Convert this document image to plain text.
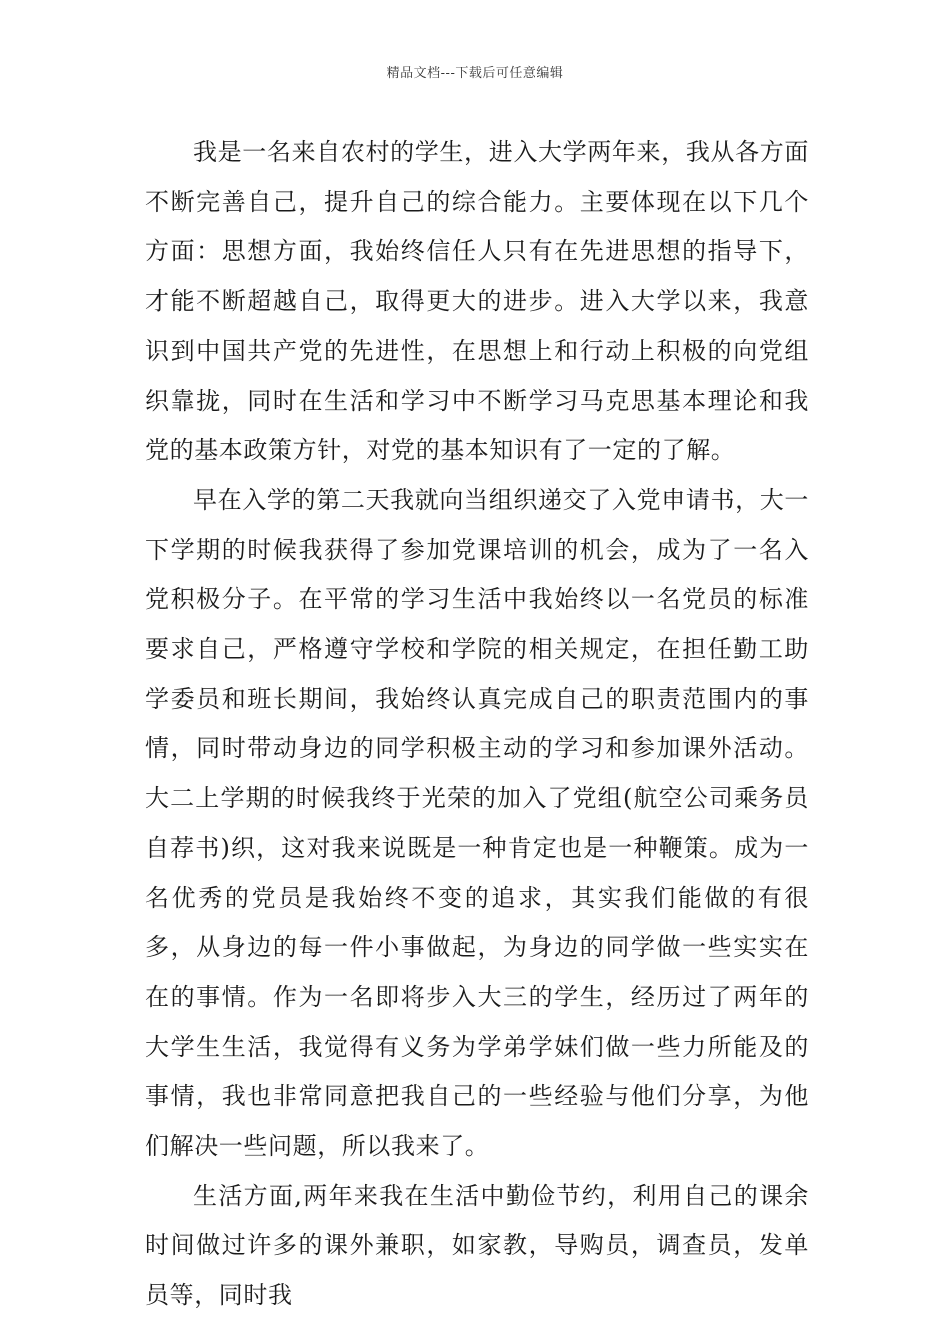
精品文档---下载后可任意编辑

我是一名来自农村的学生，进入大学两年来，我从各方面不断完善自己，提升自己的综合能力。主要体现在以下几个方面：思想方面，我始终信任人只有在先进思想的指导下，才能不断超越自己，取得更大的进步。进入大学以来，我意识到中国共产党的先进性，在思想上和行动上积极的向党组织靠拢，同时在生活和学习中不断学习马克思基本理论和我党的基本政策方针，对党的基本知识有了一定的了解。

早在入学的第二天我就向当组织递交了入党申请书，大一下学期的时候我获得了参加党课培训的机会，成为了一名入党积极分子。在平常的学习生活中我始终以一名党员的标准要求自己，严格遵守学校和学院的相关规定，在担任勤工助学委员和班长期间，我始终认真完成自己的职责范围内的事情，同时带动身边的同学积极主动的学习和参加课外活动。大二上学期的时候我终于光荣的加入了党组(航空公司乘务员自荐书)织，这对我来说既是一种肯定也是一种鞭策。成为一名优秀的党员是我始终不变的追求，其实我们能做的有很多，从身边的每一件小事做起，为身边的同学做一些实实在在的事情。作为一名即将步入大三的学生，经历过了两年的大学生生活，我觉得有义务为学弟学妹们做一些力所能及的事情，我也非常同意把我自己的一些经验与他们分享，为他们解决一些问题，所以我来了。

生活方面,两年来我在生活中勤俭节约，利用自己的课余时间做过许多的课外兼职，如家教，导购员，调查员，发单员等，同时我
